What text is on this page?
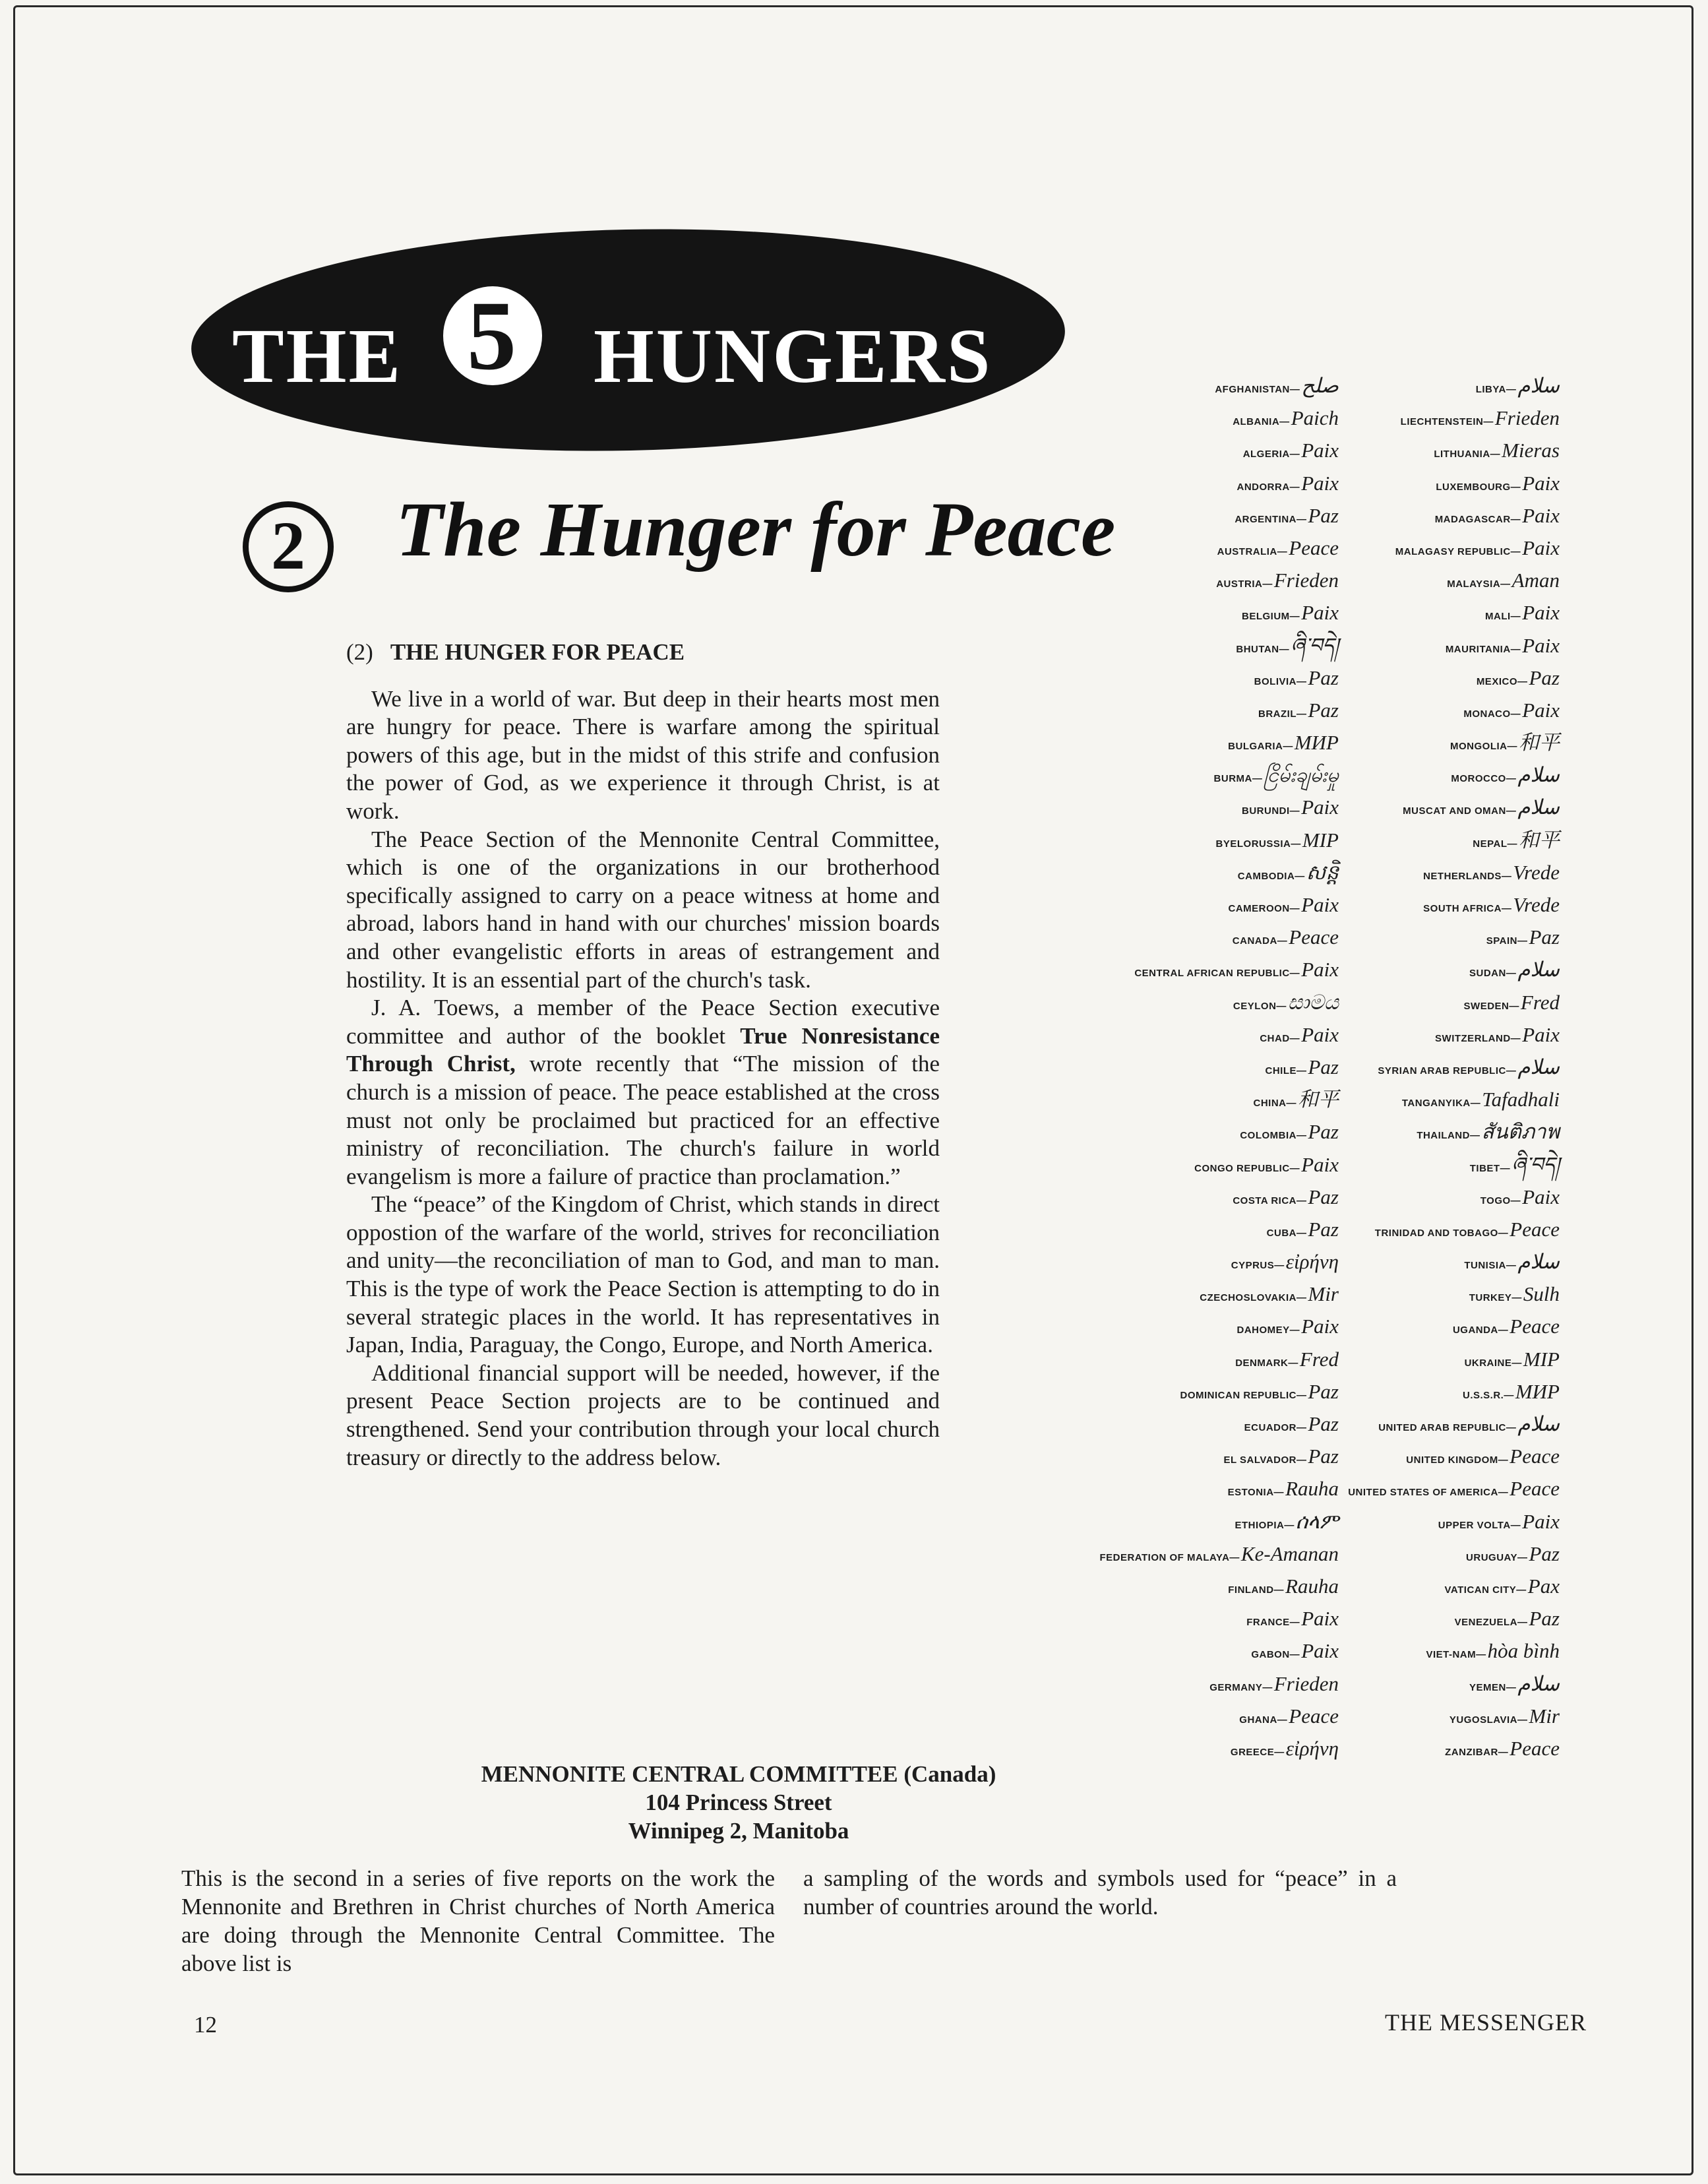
THE 5 HUNGERS
2	The Hunger for Peace
(2) THE HUNGER FOR PEACE

We live in a world of war. But deep in their hearts most men are hungry for peace. There is warfare among the spiritual powers of this age, but in the midst of this strife and confusion the power of God, as we experience it through Christ, is at work.

The Peace Section of the Mennonite Central Committee, which is one of the organizations in our brotherhood specifically assigned to carry on a peace witness at home and abroad, labors hand in hand with our churches' mission boards and other evangelistic efforts in areas of estrangement and hostility. It is an essential part of the church's task.

J. A. Toews, a member of the Peace Section executive committee and author of the booklet True Nonresistance Through Christ, wrote recently that “The mission of the church is a mission of peace. The peace established at the cross must not only be proclaimed but practiced for an effective ministry of reconciliation. The church's failure in world evangelism is more a failure of practice than proclamation.”

The “peace” of the Kingdom of Christ, which stands in direct oppostion of the warfare of the world, strives for reconciliation and unity—the reconciliation of man to God, and man to man. This is the type of work the Peace Section is attempting to do in several strategic places in the world. It has representatives in Japan, India, Paraguay, the Congo, Europe, and North America.

Additional financial support will be needed, however, if the present Peace Section projects are to be continued and strengthened. Send your contribution through your local church treasury or directly to the address below.

MENNONITE CENTRAL COMMITTEE (Canada)
104 Princess Street
Winnipeg 2, Manitoba
This is the second in a series of five reports on the work the Mennonite and Brethren in Christ churches of North America are doing through the Mennonite Central Committee. The above list is
a sampling of the words and symbols used for “peace” in a number of countries around the world.
12	THE MESSENGER
AFGHANISTAN— صلح
ALBANIA— Paich
ALGERIA— Paix
ANDORRA— Paix
ARGENTINA— Paz
AUSTRALIA— Peace
AUSTRIA— Frieden
BELGIUM— Paix
BHUTAN— ཞི་བདེ།
BOLIVIA— Paz
BRAZIL— Paz
BULGARIA— МИР
BURMA— ငြိမ်းချမ်းမှု
BURUNDI— Paix
BYELORUSSIA— МІР
CAMBODIA— សន្តិ
CAMEROON— Paix
CANADA— Peace
CENTRAL AFRICAN REPUBLIC— Paix
CEYLON— සාමය
CHAD— Paix
CHILE— Paz
CHINA— 和平
COLOMBIA— Paz
CONGO REPUBLIC— Paix
COSTA RICA— Paz
CUBA— Paz
CYPRUS— εἰρήνη
CZECHOSLOVAKIA— Mir
DAHOMEY— Paix
DENMARK— Fred
DOMINICAN REPUBLIC— Paz
ECUADOR— Paz
EL SALVADOR— Paz
ESTONIA— Rauha
ETHIOPIA— ሰላም
FEDERATION OF MALAYA— Ke-Amanan
FINLAND— Rauha
FRANCE— Paix
GABON— Paix
GERMANY— Frieden
GHANA— Peace
GREECE— εἰρήνη
LIBYA— سلام
LIECHTENSTEIN— Frieden
LITHUANIA— Mieras
LUXEMBOURG— Paix
MADAGASCAR— Paix
MALAGASY REPUBLIC— Paix
MALAYSIA— Aman
MALI— Paix
MAURITANIA— Paix
MEXICO— Paz
MONACO— Paix
MONGOLIA— 和平
MOROCCO— سلام
MUSCAT AND OMAN— سلام
NEPAL— 和平
NETHERLANDS— Vrede
SOUTH AFRICA— Vrede
SPAIN— Paz
SUDAN— سلام
SWEDEN— Fred
SWITZERLAND— Paix
SYRIAN ARAB REPUBLIC— سلام
TANGANYIKA— Tafadhali
THAILAND— สันติภาพ
TIBET— ཞི་བདེ།
TOGO— Paix
TRINIDAD AND TOBAGO— Peace
TUNISIA— سلام
TURKEY— Sulh
UGANDA— Peace
UKRAINE— МІР
U.S.S.R.— МИР
UNITED ARAB REPUBLIC— سلام
UNITED KINGDOM— Peace
UNITED STATES OF AMERICA— Peace
UPPER VOLTA— Paix
URUGUAY— Paz
VATICAN CITY— Pax
VENEZUELA— Paz
VIET-NAM— hòa bình
YEMEN— سلام
YUGOSLAVIA— Mir
ZANZIBAR— Peace
